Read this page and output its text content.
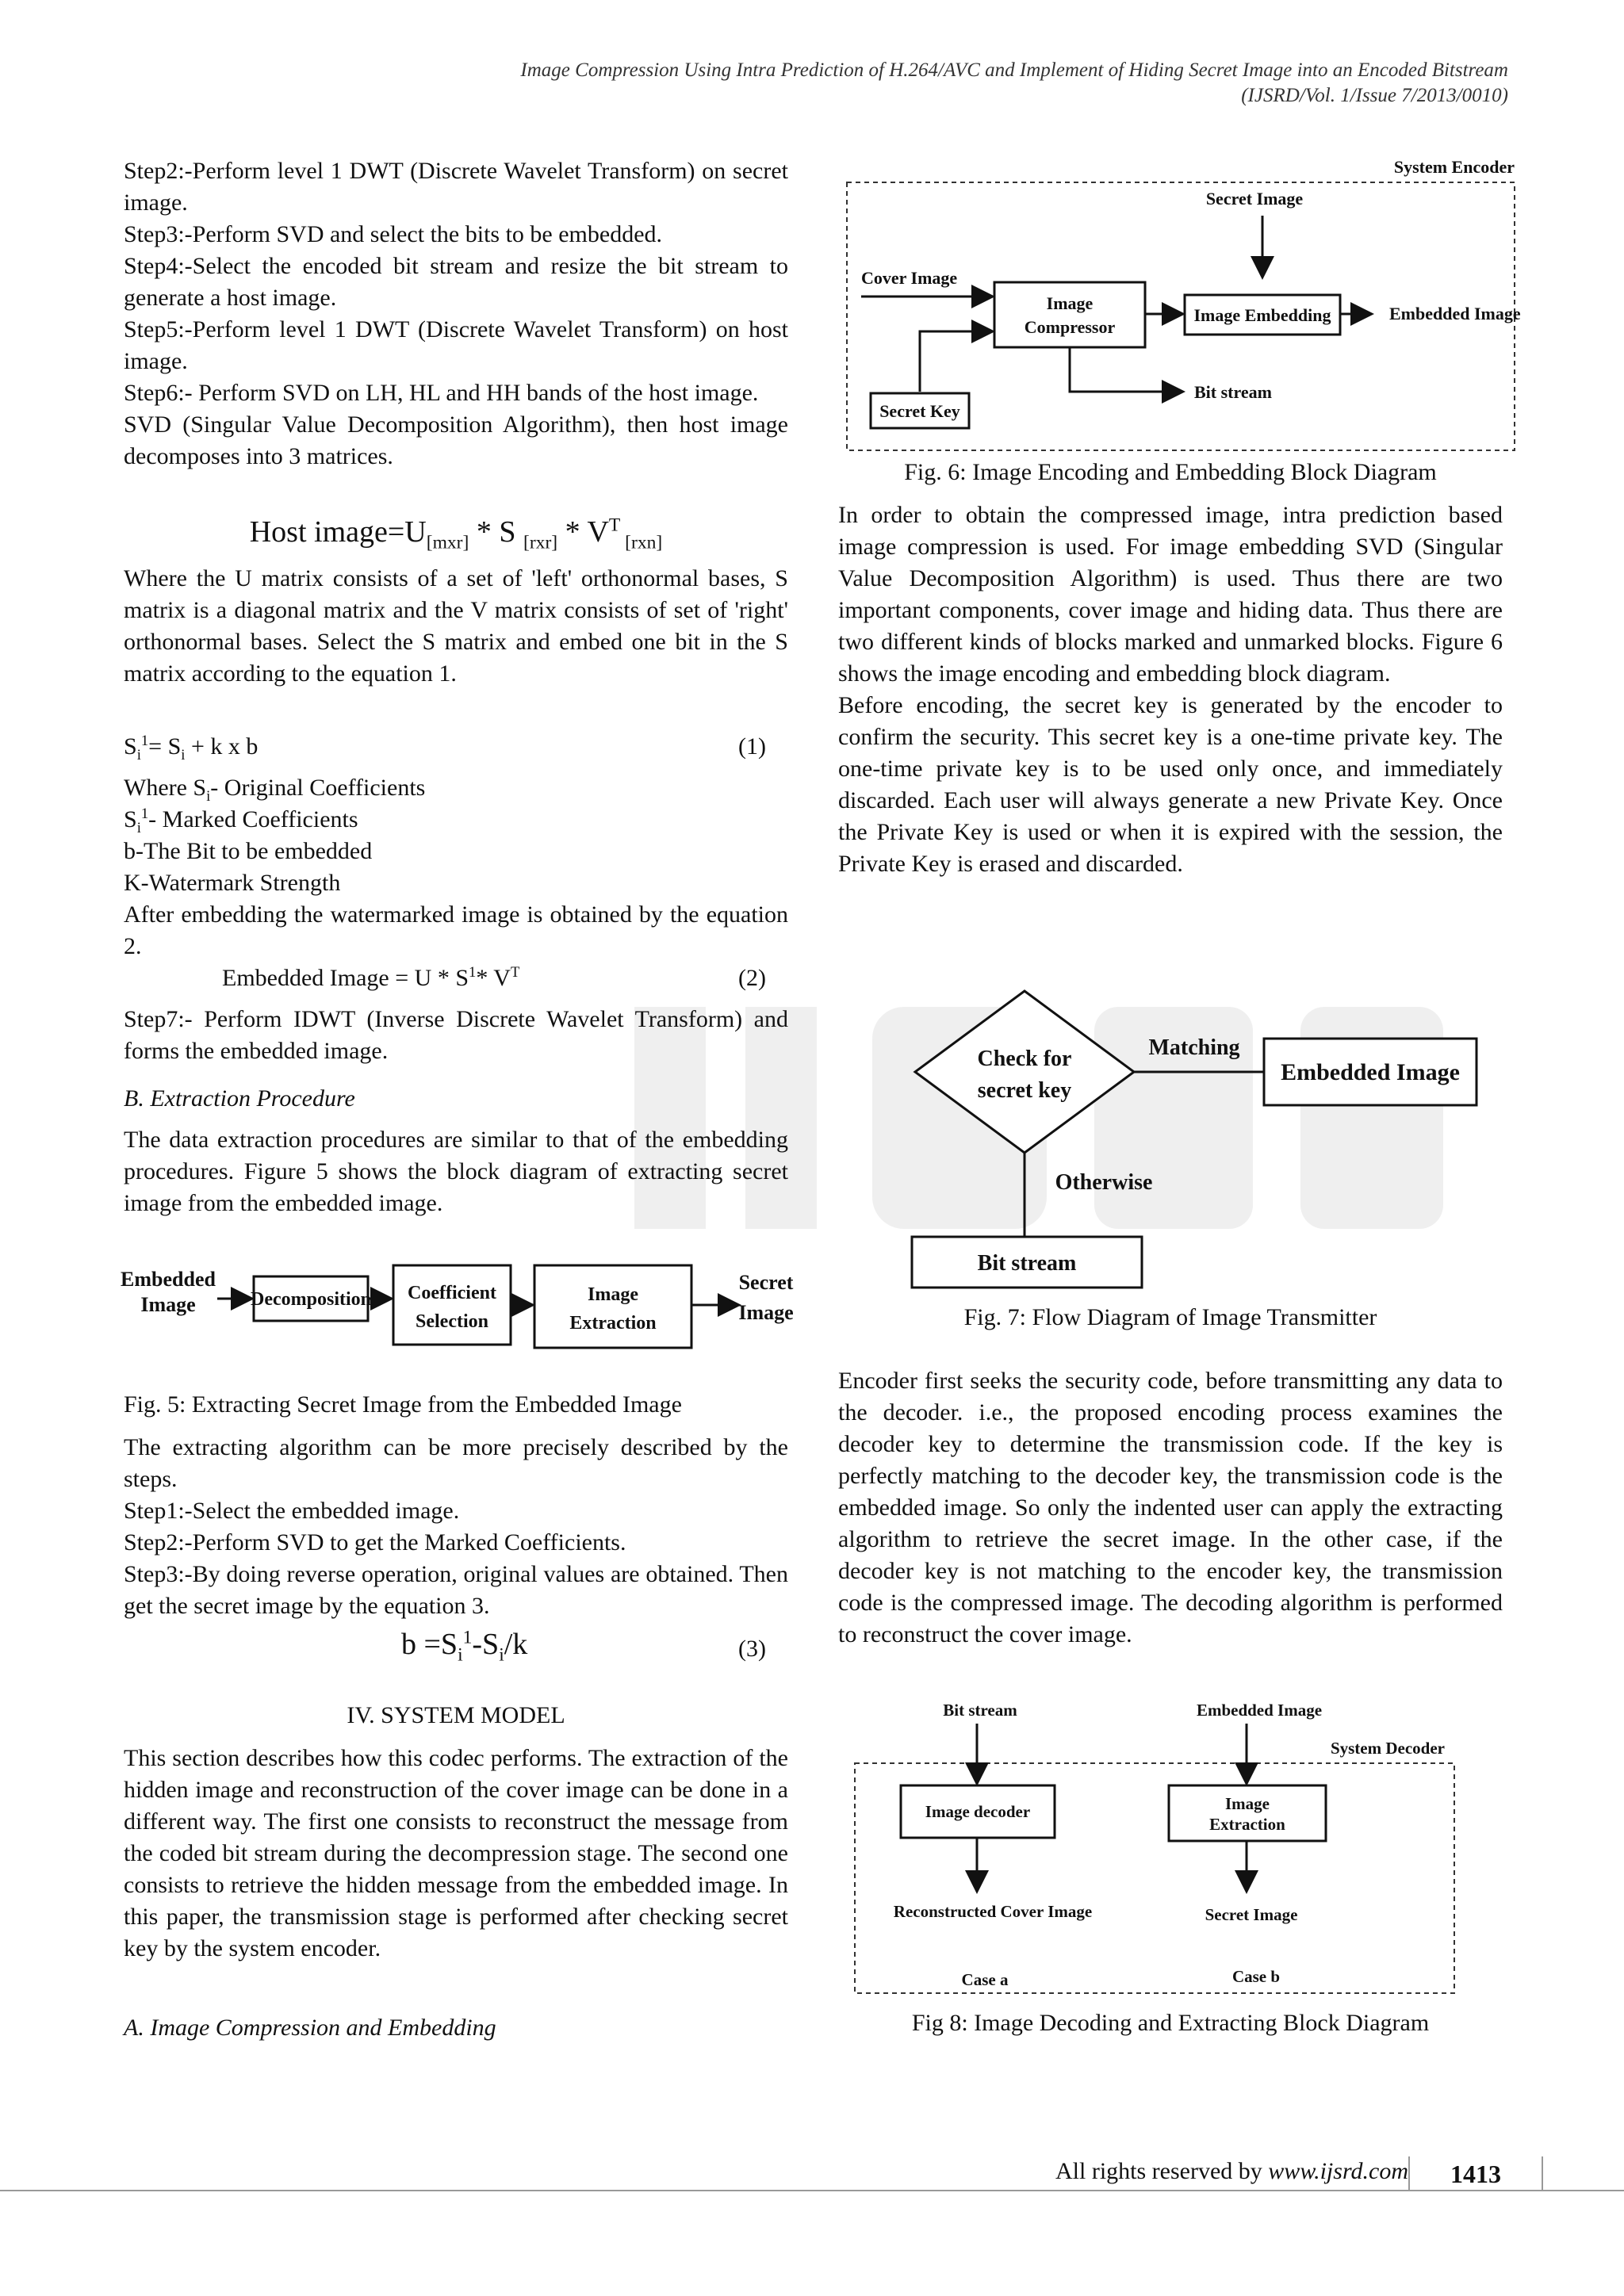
Image Compression Using Intra Prediction of H.264/AVC and Implement of Hiding Secret Image into an Encoded Bitstream
(IJSRD/Vol. 1/Issue 7/2013/0010)

Step2:-Perform level 1 DWT (Discrete Wavelet Transform) on secret image.

Step3:-Perform SVD and select the bits to be embedded.

Step4:-Select the encoded bit stream and resize the bit stream to generate a host image.

Step5:-Perform level 1 DWT (Discrete Wavelet Transform) on host image.

Step6:- Perform SVD on LH, HL and HH bands of the host image.

SVD (Singular Value Decomposition Algorithm), then host image decomposes into 3 matrices.

Host $image=U_{[mxr]} * S$ $_{[rxr]} * V^T$ $_{[rxn]}$

Where the U matrix consists of a set of 'left' orthonormal bases, S matrix is a diagonal matrix and the V matrix consists of set of 'right' orthonormal bases. Select the S matrix and embed one bit in the S matrix according to the equation 1.

$S_i^1= S_i + k$ x b	(1)

Where $S_i-$ Original Coefficients

$S_i^1-$ Marked Coefficients

b-The Bit to be embedded

K-Watermark Strength

After embedding the watermarked image is obtained by the equation 2.

Embedded Image = U * $S^1*$ $V^T$	(2)

Step7:- Perform IDWT (Inverse Discrete Wavelet Transform) and forms the embedded image.

B. Extraction Procedure

The data extraction procedures are similar to that of the embedding procedures. Figure 5 shows the block diagram of extracting secret image from the embedded image.

Embedded
Image	Decomposition Coefficient
Selection
Image
Extraction
Secret
Image
Fig. 5: Extracting Secret Image from the Embedded Image

The extracting algorithm can be more precisely described by the steps.

Step1:-Select the embedded image.

Step2:-Perform SVD to get the Marked Coefficients.

Step3:-By doing reverse operation, original values are obtained. Then get the secret image by the equation 3.

$b =S_i^1-S_i/k$	(3)
IV. SYSTEM MODEL

This section describes how this codec performs. The extraction of the hidden image and reconstruction of the cover image can be done in a different way. The first one consists to reconstruct the message from the coded bit stream during the decompression stage. The second one consists to retrieve the hidden message from the embedded image. In this paper, the transmission stage is performed after checking secret key by the system encoder.

A. Image Compression and Embedding
System Encoder
Secret Image
Cover Image
Image
Compressor
Image Embedding	Embedded Image
Bit stream
Secret Key
Fig. 6: Image Encoding and Embedding Block Diagram

In order to obtain the compressed image, intra prediction based image compression is used. For image embedding SVD (Singular Value Decomposition Algorithm) is used. Thus there are two important components, cover image and hiding data. Thus there are two different kinds of blocks marked and unmarked blocks. Figure 6 shows the image encoding and embedding block diagram.

Before encoding, the secret key is generated by the encoder to confirm the security. This secret key is a one-time private key. The one-time private key is to be used only once, and immediately discarded. Each user will always generate a new Private Key. Once the Private Key is used or when it is expired with the session, the Private Key is erased and discarded.

Check for
secret key
Matching
Embedded Image
Otherwise
Bit stream
Fig. 7: Flow Diagram of Image Transmitter

Encoder first seeks the security code, before transmitting any data to the decoder. i.e., the proposed encoding process examines the decoder key to determine the transmission code. If the key is perfectly matching to the decoder key, the transmission code is the embedded image. So only the indented user can apply the extracting algorithm to retrieve the secret image. In the other case, if the decoder key is not matching to the encoder key, the transmission code is the compressed image. The decoding algorithm is performed to reconstruct the cover image.

Bit stream	Embedded Image
System Decoder
Image decoder	Image
Extraction
Reconstructed Cover Image	Secret Image
Case a	Case b
Fig 8: Image Decoding and Extracting Block Diagram
All rights reserved by www.ijsrd.com	1413
